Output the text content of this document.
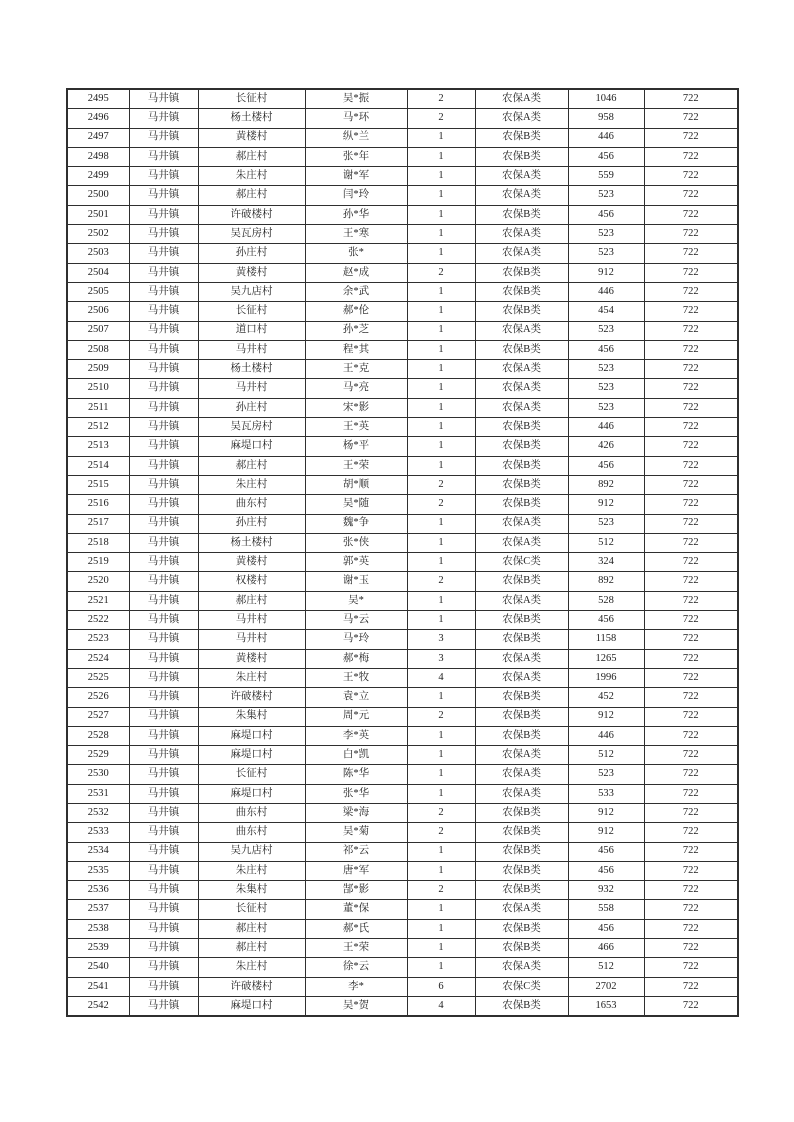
2495	马井镇	长征村	吴*振	2	农保A类	1046	722
2496	马井镇	杨土楼村	马*环	2	农保A类	958	722
2497	马井镇	黄楼村	纵*兰	1	农保B类	446	722
2498	马井镇	郝庄村	张*年	1	农保B类	456	722
2499	马井镇	朱庄村	谢*军	1	农保A类	559	722
2500	马井镇	郝庄村	闫*玲	1	农保A类	523	722
2501	马井镇	许破楼村	孙*华	1	农保B类	456	722
2502	马井镇	吴瓦房村	王*寒	1	农保A类	523	722
2503	马井镇	孙庄村	张*	1	农保A类	523	722
2504	马井镇	黄楼村	赵*成	2	农保B类	912	722
2505	马井镇	吴九店村	余*武	1	农保B类	446	722
2506	马井镇	长征村	郝*伦	1	农保B类	454	722
2507	马井镇	道口村	孙*芝	1	农保A类	523	722
2508	马井镇	马井村	程*其	1	农保B类	456	722
2509	马井镇	杨土楼村	王*克	1	农保A类	523	722
2510	马井镇	马井村	马*亮	1	农保A类	523	722
2511	马井镇	孙庄村	宋*影	1	农保A类	523	722
2512	马井镇	吴瓦房村	王*英	1	农保B类	446	722
2513	马井镇	麻堤口村	杨*平	1	农保B类	426	722
2514	马井镇	郝庄村	王*荣	1	农保B类	456	722
2515	马井镇	朱庄村	胡*顺	2	农保B类	892	722
2516	马井镇	曲东村	吴*随	2	农保B类	912	722
2517	马井镇	孙庄村	魏*争	1	农保A类	523	722
2518	马井镇	杨土楼村	张*侠	1	农保A类	512	722
2519	马井镇	黄楼村	郭*英	1	农保C类	324	722
2520	马井镇	权楼村	谢*玉	2	农保B类	892	722
2521	马井镇	郝庄村	吴*	1	农保A类	528	722
2522	马井镇	马井村	马*云	1	农保B类	456	722
2523	马井镇	马井村	马*玲	3	农保B类	1158	722
2524	马井镇	黄楼村	郝*梅	3	农保A类	1265	722
2525	马井镇	朱庄村	王*牧	4	农保A类	1996	722
2526	马井镇	许破楼村	袁*立	1	农保B类	452	722
2527	马井镇	朱集村	周*元	2	农保B类	912	722
2528	马井镇	麻堤口村	李*英	1	农保B类	446	722
2529	马井镇	麻堤口村	白*凯	1	农保A类	512	722
2530	马井镇	长征村	陈*华	1	农保A类	523	722
2531	马井镇	麻堤口村	张*华	1	农保A类	533	722
2532	马井镇	曲东村	梁*海	2	农保B类	912	722
2533	马井镇	曲东村	吴*菊	2	农保B类	912	722
2534	马井镇	吴九店村	祁*云	1	农保B类	456	722
2535	马井镇	朱庄村	唐*军	1	农保B类	456	722
2536	马井镇	朱集村	郜*影	2	农保B类	932	722
2537	马井镇	长征村	董*保	1	农保A类	558	722
2538	马井镇	郝庄村	郝*氏	1	农保B类	456	722
2539	马井镇	郝庄村	王*荣	1	农保B类	466	722
2540	马井镇	朱庄村	徐*云	1	农保A类	512	722
2541	马井镇	许破楼村	李*	6	农保C类	2702	722
2542	马井镇	麻堤口村	吴*贺	4	农保B类	1653	722
